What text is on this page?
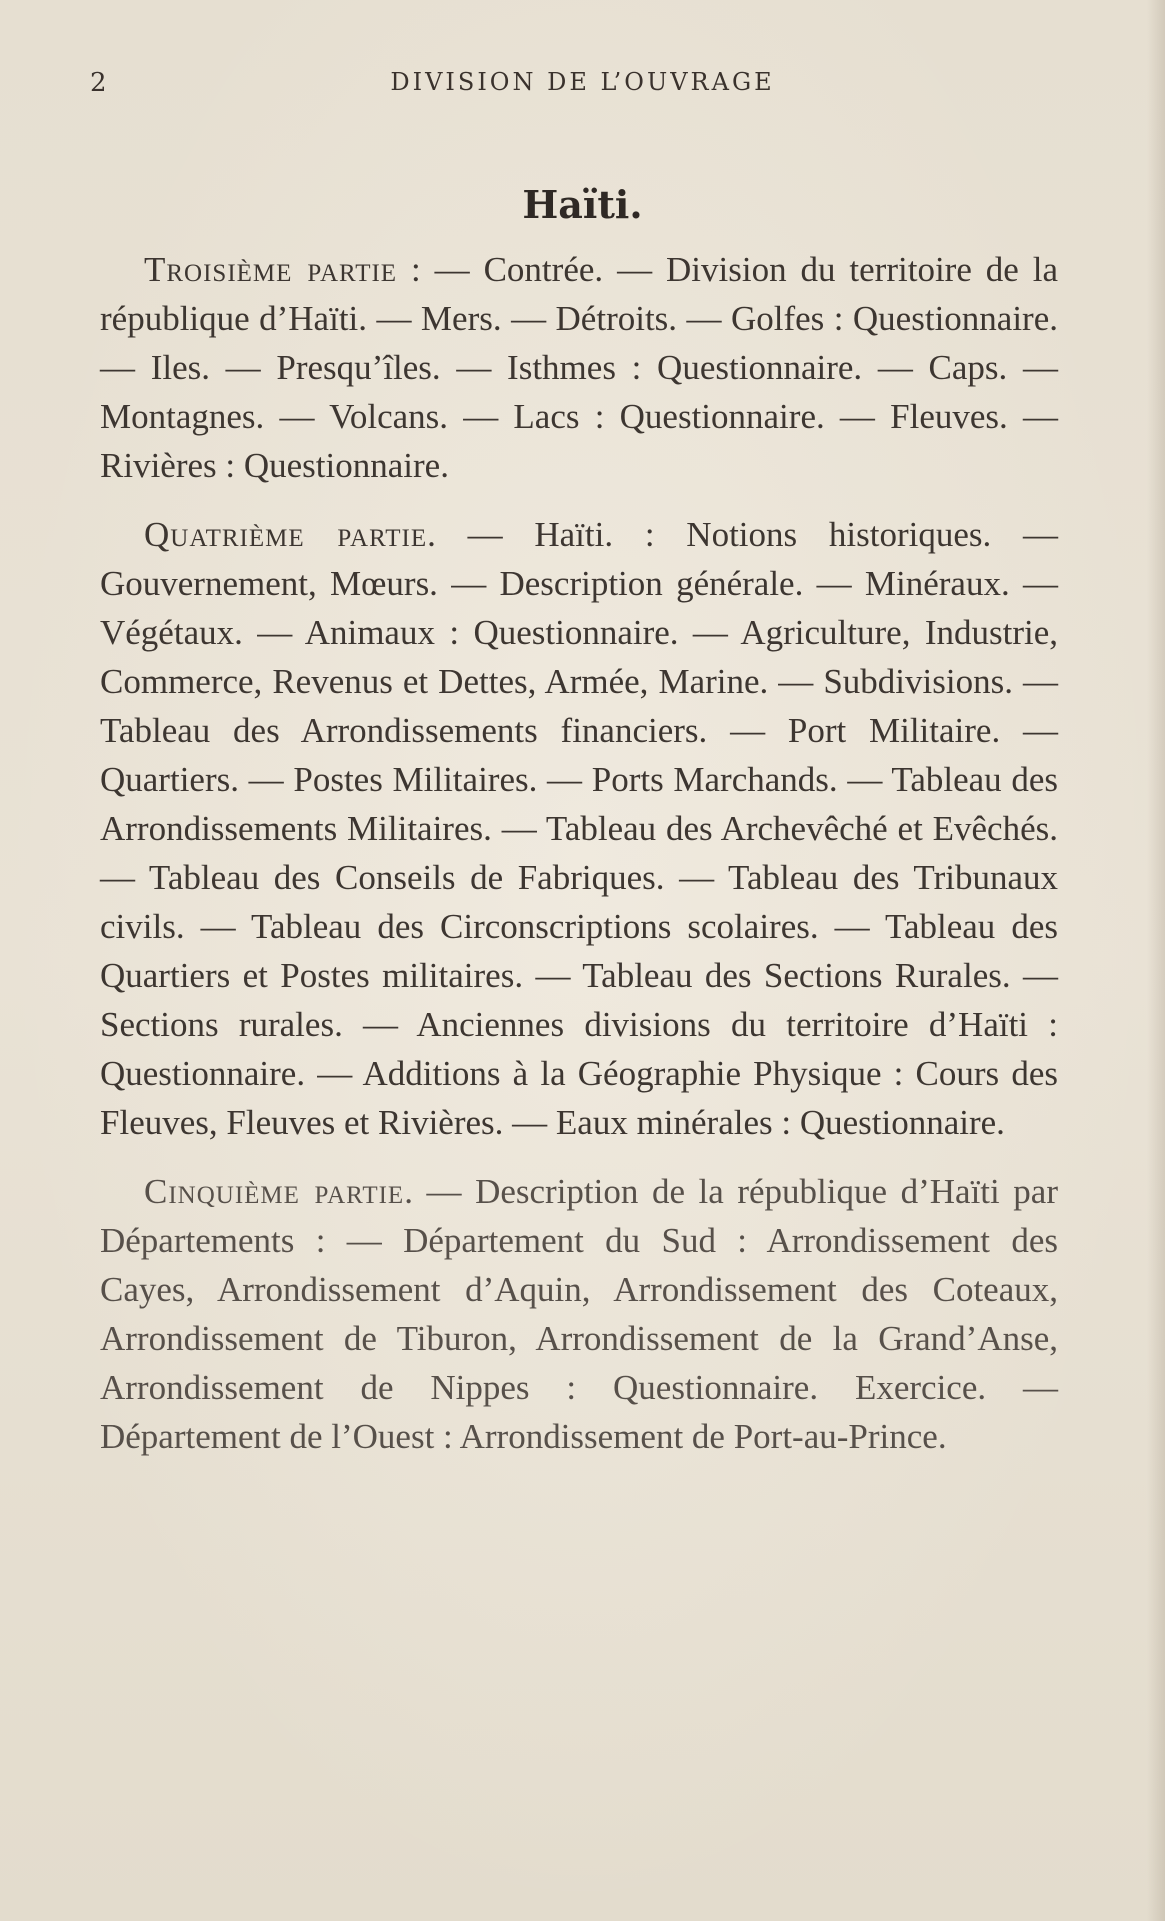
2	DIVISION DE L’OUVRAGE
Haïti.

Troisième partie : — Contrée. — Division du territoire de la république d’Haïti. — Mers. — Détroits. — Golfes : Questionnaire. — Iles. — Presqu’îles. — Isthmes : Questionnaire. — Caps. — Montagnes. — Volcans. — Lacs : Questionnaire. — Fleuves. — Rivières : Questionnaire.

Quatrième partie. — Haïti. : Notions historiques. — Gouvernement, Mœurs. — Description générale. — Minéraux. — Végétaux. — Animaux : Questionnaire. — Agriculture, Industrie, Commerce, Revenus et Dettes, Armée, Marine. — Subdivisions. — Tableau des Arrondissements financiers. — Port Militaire. — Quartiers. — Postes Militaires. — Ports Marchands. — Tableau des Arrondissements Militaires. — Tableau des Archevêché et Evêchés. — Tableau des Conseils de Fabriques. — Tableau des Tribunaux civils. — Tableau des Circonscriptions scolaires. — Tableau des Quartiers et Postes militaires. — Tableau des Sections Rurales. — Sections rurales. — Anciennes divisions du territoire d’Haïti : Questionnaire. — Additions à la Géographie Physique : Cours des Fleuves, Fleuves et Rivières. — Eaux minérales : Questionnaire.

Cinquième partie. — Description de la république d’Haïti par Départements : — Département du Sud : Arrondissement des Cayes, Arrondissement d’Aquin, Arrondissement des Coteaux, Arrondissement de Tiburon, Arrondissement de la Grand’Anse, Arrondissement de Nippes : Questionnaire. Exercice. — Département de l’Ouest : Arrondissement de Port-au-Prince.
